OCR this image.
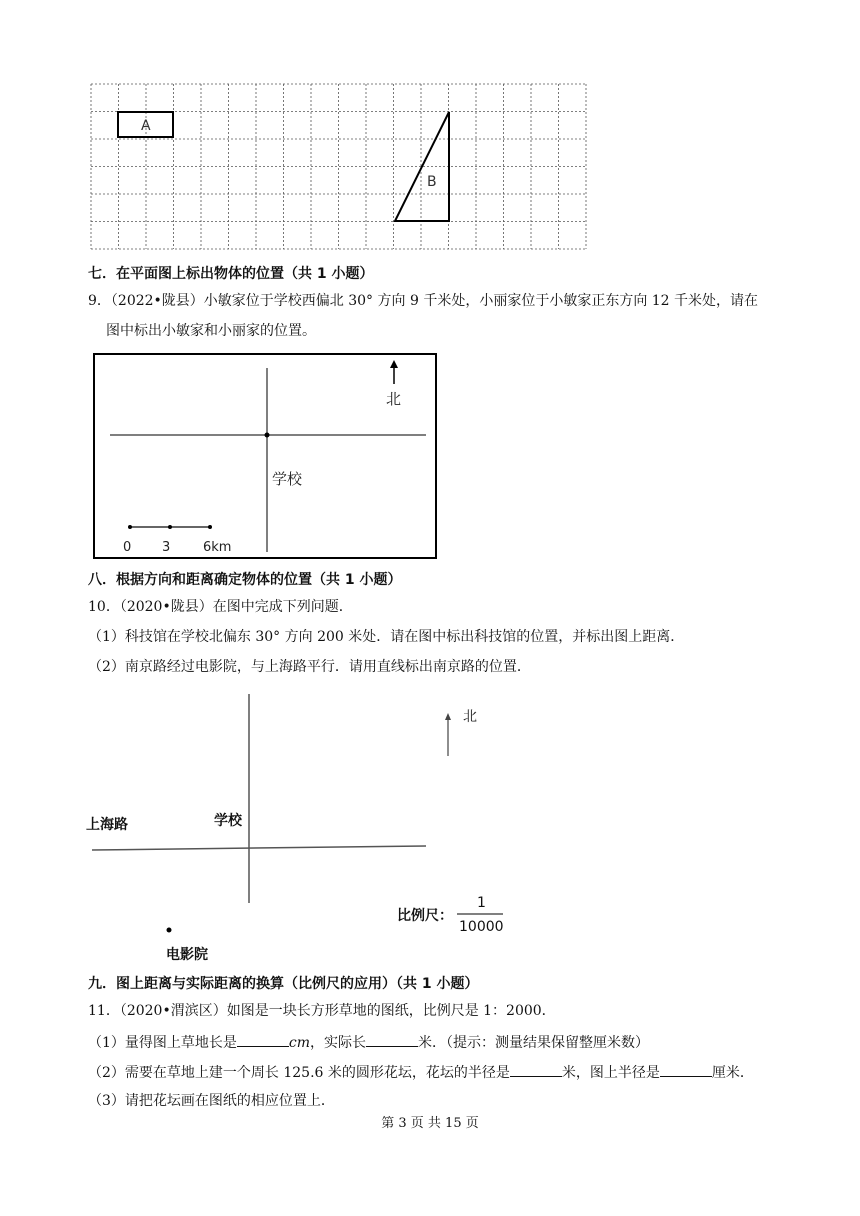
A
B
七．在平面图上标出物体的位置（共 1 小题）
9．（2022•陇县）小敏家位于学校西偏北 30° 方向 9 千米处，小丽家位于小敏家正东方向 12 千米处，请在
图中标出小敏家和小丽家的位置。
学校
北
0 3	6km
八．根据方向和距离确定物体的位置（共 1 小题）
10．（2020•陇县）在图中完成下列问题．
（1）科技馆在学校北偏东 30° 方向 200 米处．请在图中标出科技馆的位置，并标出图上距离．
（2）南京路经过电影院，与上海路平行．请用直线标出南京路的位置．
上海路	学校
北
电影院
比例尺：
1
10000
九．图上距离与实际距离的换算（比例尺的应用）（共 1 小题）
11．（2020•渭滨区）如图是一块长方形草地的图纸，比例尺是 1：2000．
（1）量得图上草地长是	cm，实际长	米．（提示：测量结果保留整厘米数）
（2）需要在草地上建一个周长 125.6 米的圆形花坛，花坛的半径是	米，图上半径是	厘米．
（3）请把花坛画在图纸的相应位置上．
第 3 页 共 15 页
